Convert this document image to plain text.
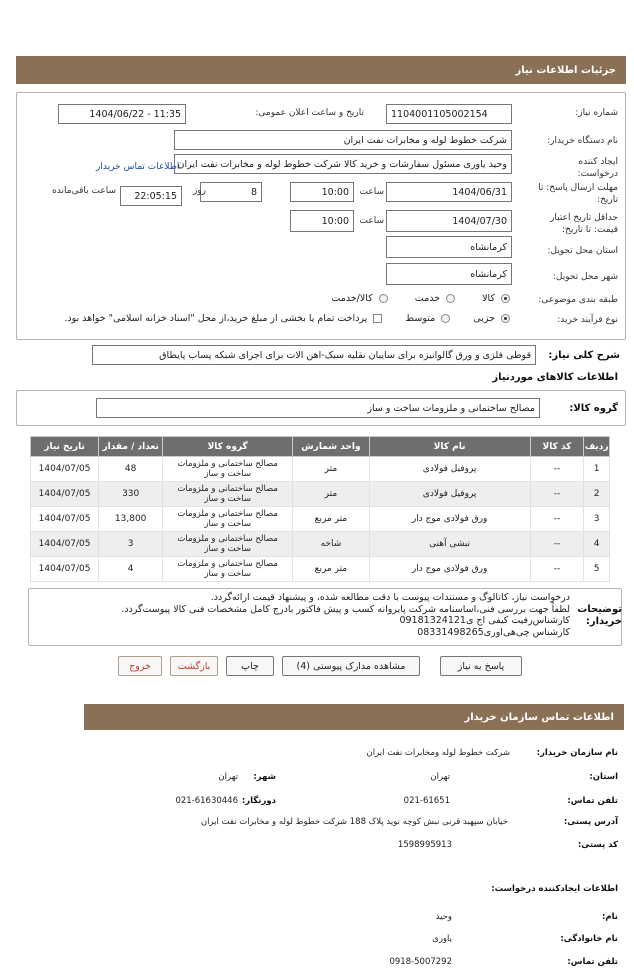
جزئیات اطلاعات نیاز
شماره نیاز:
1104001105002154
تاریخ و ساعت اعلان عمومی:
1404/06/22 - 11:35
نام دستگاه خریدار:
شرکت خطوط لوله و مخابرات نفت ایران
ایجاد کننده درخواست:
وحید یاوری مسئول سفارشات و خرید کالا شرکت خطوط لوله و مخابرات نفت ایران
اطلاعات تماس خریدار
مهلت ارسال پاسخ: تا تاریخ:
1404/06/31
ساعت
10:00
8
روز
22:05:15
ساعت باقی‌مانده
حداقل تاریخ اعتبار قیمت: تا تاریخ:
1404/07/30
ساعت
10:00
استان محل تحویل:
کرمانشاه
شهر محل تحویل:
کرمانشاه
طبقه بندی موضوعی:
کالا  خدمت  کالا/خدمت
نوع فرآیند خرید:
جزیی  متوسط  پرداخت تمام یا بخشی از مبلغ خرید،از محل "اسناد خزانه اسلامی" خواهد بود.
شرح کلی نیاز:
قوطی فلزی و ورق گالوانیزه برای سایبان نقلیه سبک-اهن الات برای اجرای شبکه پساب پایطاق
اطلاعات کالاهای موردنیاز
گروه کالا:
مصالح ساختمانی و ملزومات ساخت و ساز
ردیف	کد کالا	نام کالا	واحد شمارش	گروه کالا	تعداد / مقدار	تاریخ نیاز
1	--	پروفیل فولادی	متر	مصالح ساختمانی و ملزومات ساخت و ساز	48	1404/07/05
2	--	پروفیل فولادی	متر	مصالح ساختمانی و ملزومات ساخت و ساز	330	1404/07/05
3	--	ورق فولادی موج دار	متر مربع	مصالح ساختمانی و ملزومات ساخت و ساز	13,800	1404/07/05
4	--	نبشی آهنی	شاخه	مصالح ساختمانی و ملزومات ساخت و ساز	3	1404/07/05
5	--	ورق فولادی موج دار	متر مربع	مصالح ساختمانی و ملزومات ساخت و ساز	4	1404/07/05
توضیحات خریدار:
درخواست نیاز، کاتالوگ و مستندات پیوست با دقت مطالعه شده، و پیشنهاد قیمت ارائه‌گردد.
لطفاً جهت بررسی فنی،اساسنامه شرکت پایروانه کسب و پیش فاکتور بادرج کامل مشخصات فنی کالا پیوست‌گردد.
کارشناس‌رفیت‌ کیفی‌ اج ی09181324121
کارشناس چی‌هی‌اوری08331498265
پاسخ به نیاز
مشاهده مدارک پیوستی (4)
چاپ
بازگشت
خروج
اطلاعات تماس سازمان خریدار
نام سازمان خریدار:
شرکت خطوط لوله ومخابرات نفت ایران
استان:
تهران
شهر:
تهران
تلفن تماس:
021-61651
دورنگار:
021-61630446
آدرس پستی:
خیابان سپهبد قرنی نبش کوچه نوید پلاک 188 شرکت خطوط لوله و مخابرات نفت ایران
کد پستی:
1598995913
اطلاعات ایجادکننده درخواست:
نام:
وحید
نام خانوادگی:
یاوری
تلفن تماس:
0918-5007292
